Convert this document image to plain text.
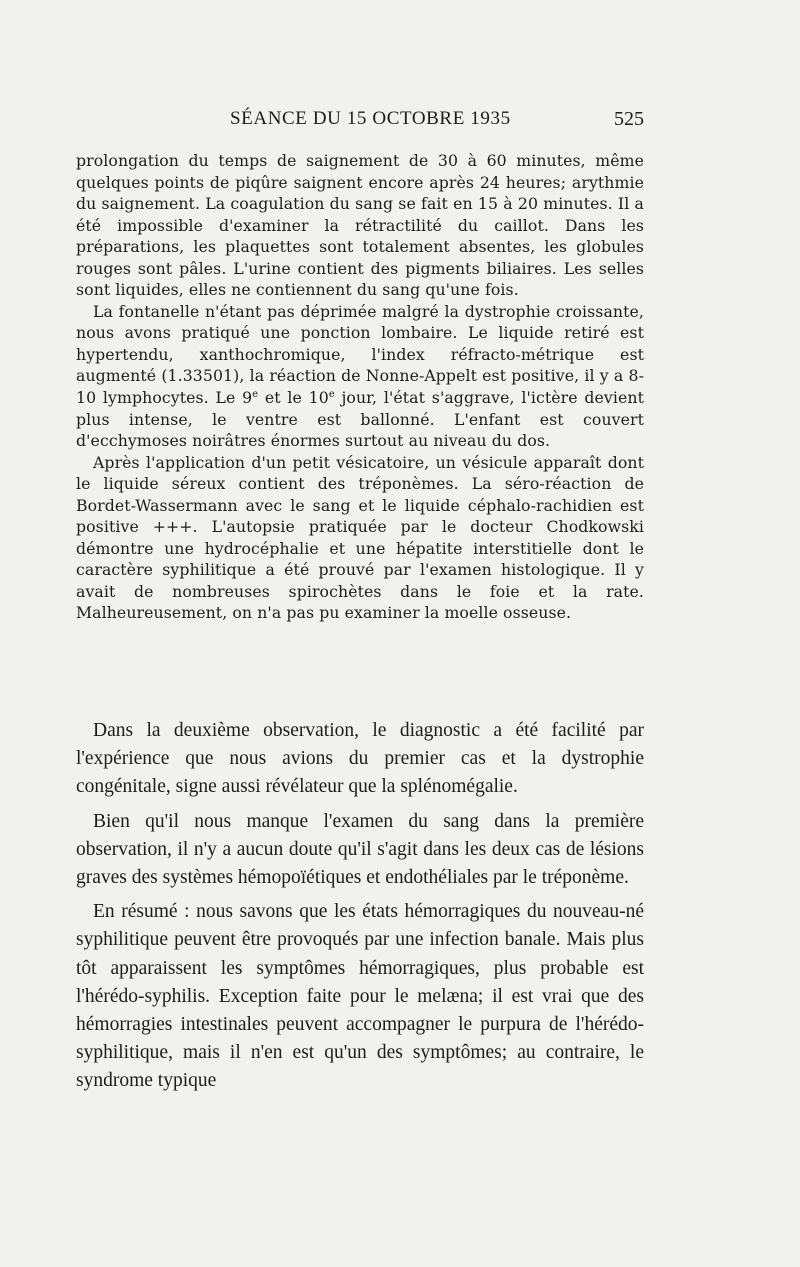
SÉANCE DU 15 OCTOBRE 1935	525

prolongation du temps de saignement de 30 à 60 minutes, même quelques points de piqûre saignent encore après 24 heures; arythmie du saignement. La coagulation du sang se fait en 15 à 20 minutes. Il a été impossible d'examiner la rétractilité du caillot. Dans les préparations, les plaquettes sont totalement absentes, les globules rouges sont pâles. L'urine contient des pigments biliaires. Les selles sont liquides, elles ne contiennent du sang qu'une fois.

La fontanelle n'étant pas déprimée malgré la dystrophie croissante, nous avons pratiqué une ponction lombaire. Le liquide retiré est hypertendu, xanthochromique, l'index réfracto-métrique est augmenté (1.33501), la réaction de Nonne-Appelt est positive, il y a 8-10 lymphocytes. Le 9e et le 10e jour, l'état s'aggrave, l'ictère devient plus intense, le ventre est ballonné. L'enfant est couvert d'ecchymoses noirâtres énormes surtout au niveau du dos.

Après l'application d'un petit vésicatoire, un vésicule apparaît dont le liquide séreux contient des tréponèmes. La séro-réaction de Bordet-Wassermann avec le sang et le liquide céphalo-rachidien est positive +++. L'autopsie pratiquée par le docteur Chodkowski démontre une hydrocéphalie et une hépatite interstitielle dont le caractère syphilitique a été prouvé par l'examen histologique. Il y avait de nombreuses spirochètes dans le foie et la rate. Malheureusement, on n'a pas pu examiner la moelle osseuse.

Dans la deuxième observation, le diagnostic a été facilité par l'expérience que nous avions du premier cas et la dystrophie congénitale, signe aussi révélateur que la splénomégalie.

Bien qu'il nous manque l'examen du sang dans la première observation, il n'y a aucun doute qu'il s'agit dans les deux cas de lésions graves des systèmes hémopoïétiques et endothéliales par le tréponème.

En résumé : nous savons que les états hémorragiques du nouveau-né syphilitique peuvent être provoqués par une infection banale. Mais plus tôt apparaissent les symptômes hémorragiques, plus probable est l'hérédo-syphilis. Exception faite pour le melæna; il est vrai que des hémorragies intestinales peuvent accompagner le purpura de l'hérédo-syphilitique, mais il n'en est qu'un des symptômes; au contraire, le syndrome typique
